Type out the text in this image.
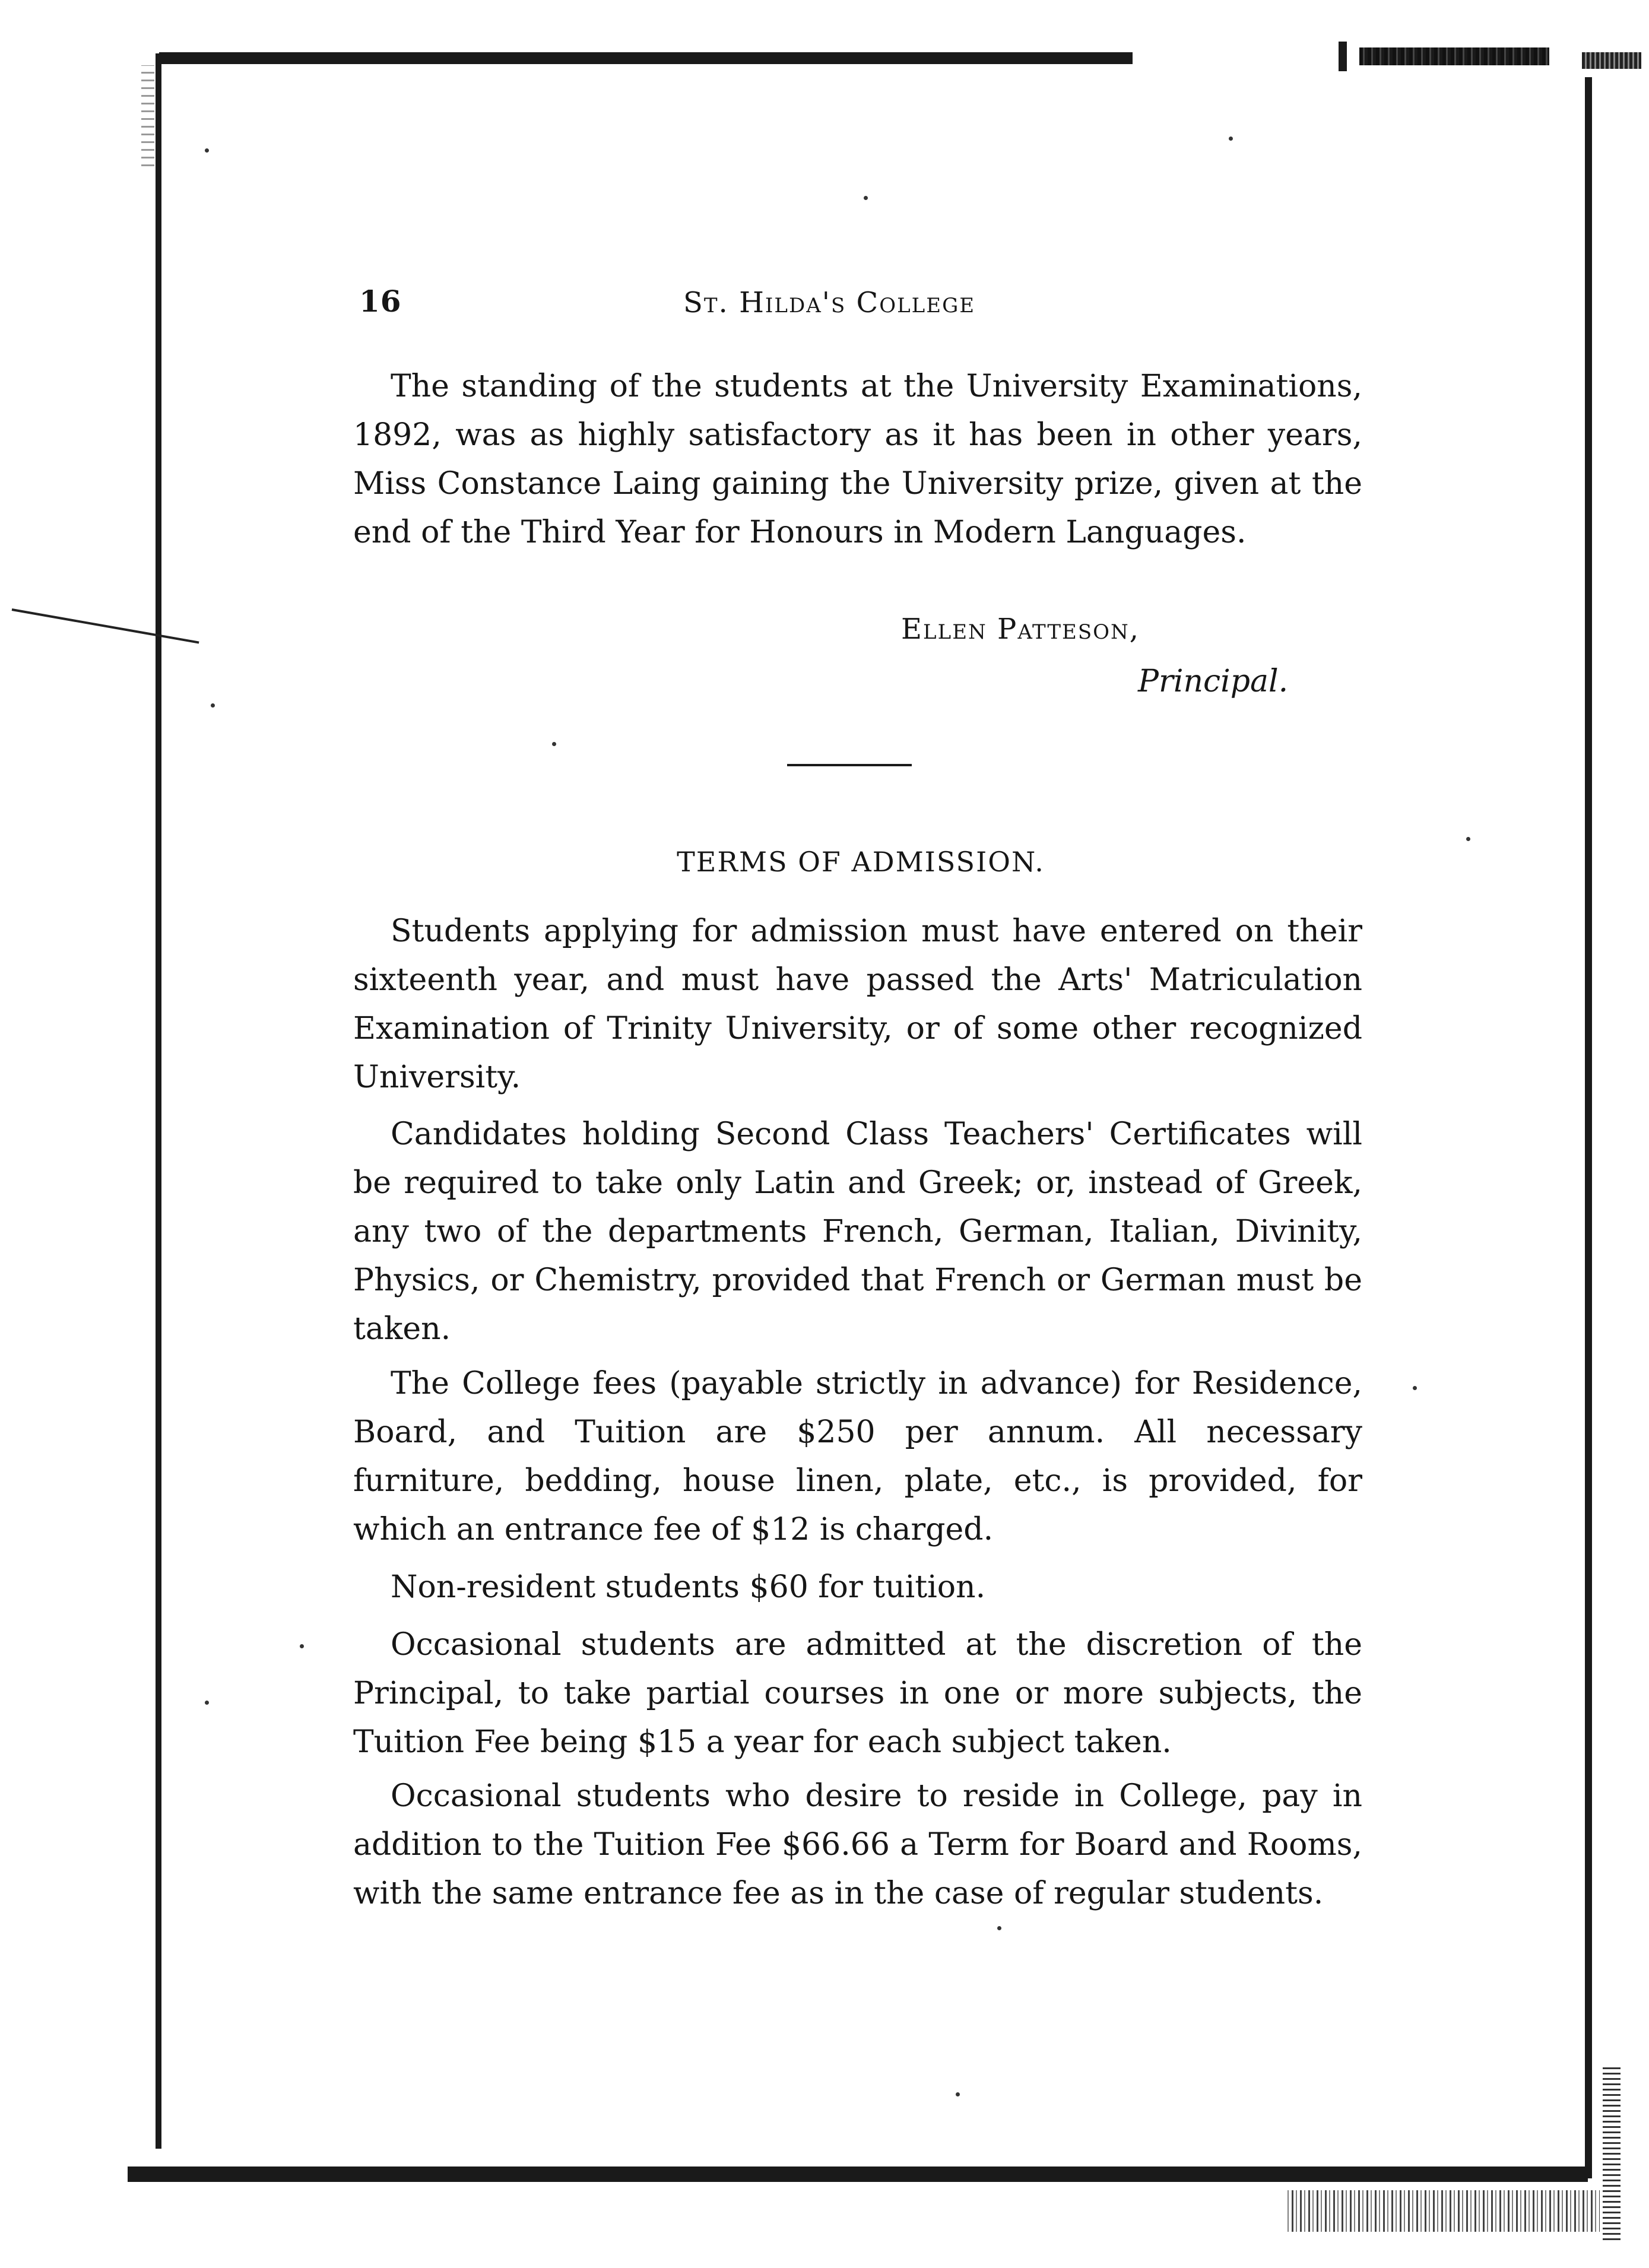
16	St. Hilda's College

The standing of the students at the University Examinations, 1892, was as highly satisfactory as it has been in other years, Miss Constance Laing gaining the University prize, given at the end of the Third Year for Honours in Modern Languages.

Ellen Patteson,
Principal.
TERMS OF ADMISSION.

Students applying for admission must have entered on their sixteenth year, and must have passed the Arts' Matriculation Examination of Trinity University, or of some other recognized University.

Candidates holding Second Class Teachers' Certificates will be required to take only Latin and Greek; or, instead of Greek, any two of the departments French, German, Italian, Divinity, Physics, or Chemistry, provided that French or German must be taken.

The College fees (payable strictly in advance) for Residence, Board, and Tuition are $250 per annum. All necessary furniture, bedding, house linen, plate, etc., is provided, for which an entrance fee of $12 is charged.

Non-resident students $60 for tuition.

Occasional students are admitted at the discretion of the Principal, to take partial courses in one or more subjects, the Tuition Fee being $15 a year for each subject taken.

Occasional students who desire to reside in College, pay in addition to the Tuition Fee $66.66 a Term for Board and Rooms, with the same entrance fee as in the case of regular students.
